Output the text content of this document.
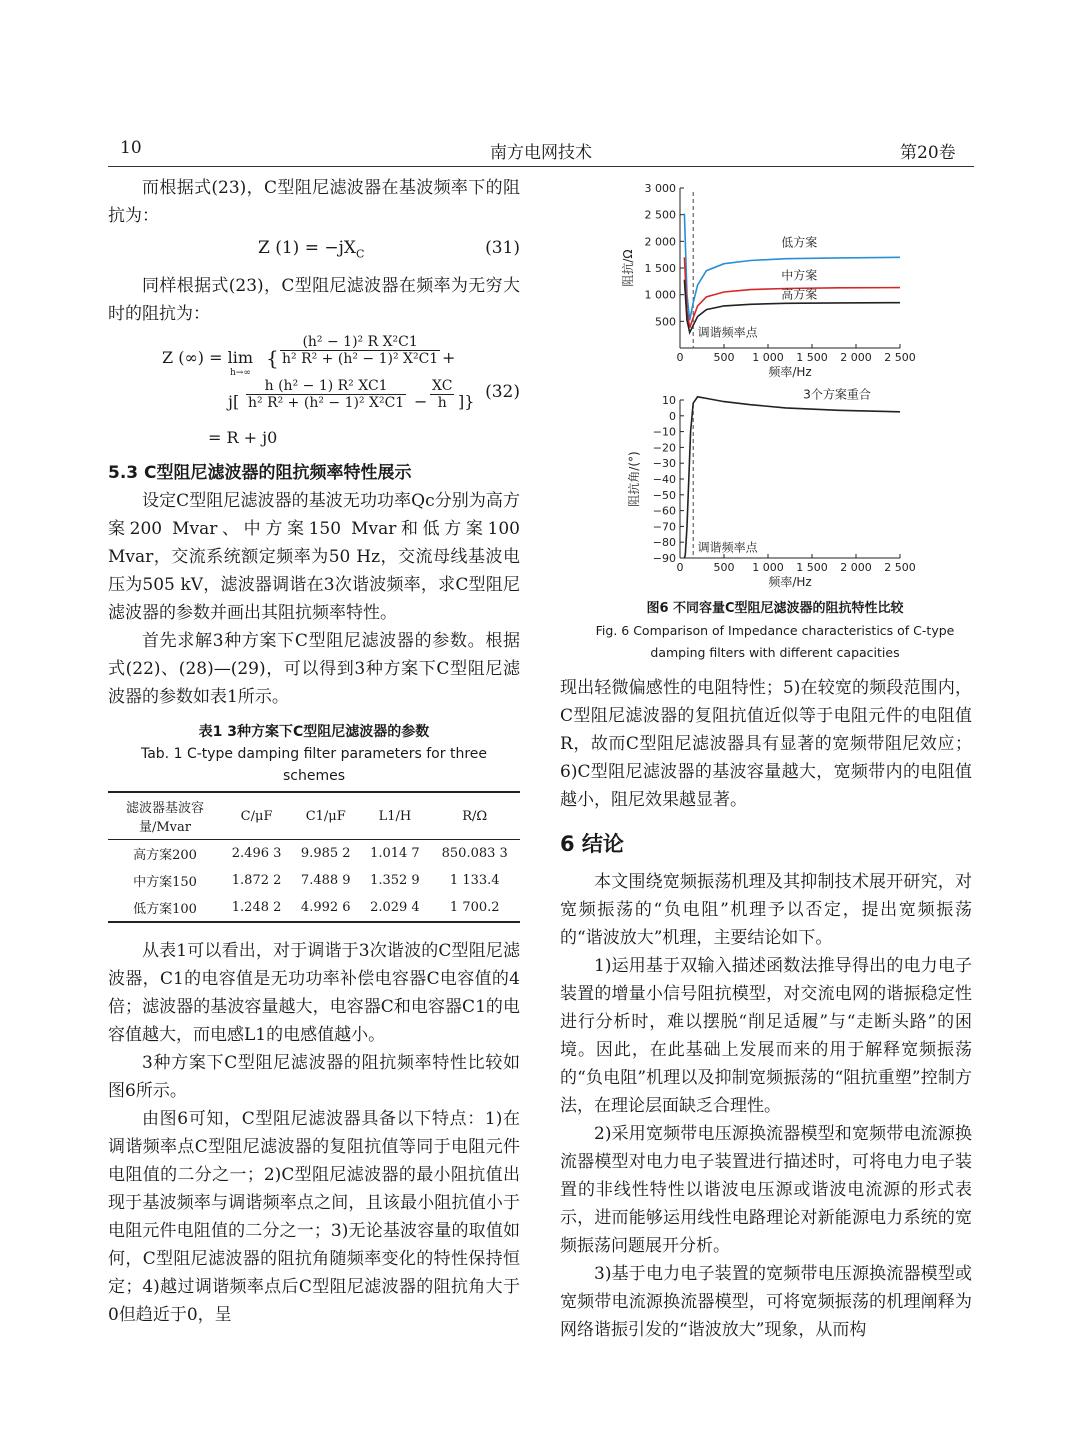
10	南方电网技术	第20卷

而根据式(23)，C型阻尼滤波器在基波频率下的阻抗为：

Z $(1) = -jX_C$	(31)

同样根据式(23)，C型阻尼滤波器在频率为无穷大时的阻抗为：

Z (∞) = lim
h→∞
{ $\frac{\text{(h² − 1)² R X²C1}}{\text{h² R² + (h² − 1)² X²C1}}$ +
$j[ \frac{\text{h (h² − 1) R² XC1}}{\text{h² R² + (h² − 1)² X²C1}} - \frac{XC}{h}$ ]} (32)
= R + j0
5.3 C型阻尼滤波器的阻抗频率特性展示

设定C型阻尼滤波器的基波无功功率Qc分别为高方案200 Mvar、中方案150 Mvar和低方案100 Mvar，交流系统额定频率为50 Hz，交流母线基波电压为505 kV，滤波器调谐在3次谐波频率，求C型阻尼滤波器的参数并画出其阻抗频率特性。

首先求解3种方案下C型阻尼滤波器的参数。根据式(22)、(28)—(29)，可以得到3种方案下C型阻尼滤波器的参数如表1所示。

表1 3种方案下C型阻尼滤波器的参数
Tab. 1 C-type damping filter parameters for three schemes
滤波器基波容量/Mvar	C/μF	C1/μF	L1/H	R/Ω
高方案200	2.496 3	9.985 2	1.014 7	850.083 3
中方案150	1.872 2	7.488 9	1.352 9	1 133.4
低方案100	1.248 2	4.992 6	2.029 4	1 700.2

从表1可以看出，对于调谐于3次谐波的C型阻尼滤波器，C1的电容值是无功功率补偿电容器C电容值的4倍；滤波器的基波容量越大，电容器C和电容器C1的电容值越大，而电感L1的电感值越小。

3种方案下C型阻尼滤波器的阻抗频率特性比较如图6所示。

由图6可知，C型阻尼滤波器具备以下特点：1)在调谐频率点C型阻尼滤波器的复阻抗值等同于电阻元件电阻值的二分之一；2)C型阻尼滤波器的最小阻抗值出现于基波频率与调谐频率点之间，且该最小阻抗值小于电阻元件电阻值的二分之一；3)无论基波容量的取值如何，C型阻尼滤波器的阻抗角随频率变化的特性保持恒定；4)越过调谐频率点后C型阻尼滤波器的阻抗角大于0但趋近于0，呈

0	500 1 000 1 500 2 000 2 500
500
1 000
1 500
2 000
2 500
3 000
频率/Hz
阻抗/Ω
低方案
中方案
高方案
调谐频率点
0	500 1 000 1 500 2 000 2 500
10
0
−10
−20
−30
−40
−50
−60
−70
−80
−90
频率/Hz
阻抗角/(°)
3个方案重合
调谐频率点
图6 不同容量C型阻尼滤波器的阻抗特性比较
Fig. 6 Comparison of Impedance characteristics of C-type
damping filters with different capacities

现出轻微偏感性的电阻特性；5)在较宽的频段范围内，C型阻尼滤波器的复阻抗值近似等于电阻元件的电阻值R，故而C型阻尼滤波器具有显著的宽频带阻尼效应；6)C型阻尼滤波器的基波容量越大，宽频带内的电阻值越小，阻尼效果越显著。

6 结论

本文围绕宽频振荡机理及其抑制技术展开研究，对宽频振荡的“负电阻”机理予以否定，提出宽频振荡的“谐波放大”机理，主要结论如下。

1)运用基于双输入描述函数法推导得出的电力电子装置的增量小信号阻抗模型，对交流电网的谐振稳定性进行分析时，难以摆脱“削足适履”与“走断头路”的困境。因此，在此基础上发展而来的用于解释宽频振荡的“负电阻”机理以及抑制宽频振荡的“阻抗重塑”控制方法，在理论层面缺乏合理性。

2)采用宽频带电压源换流器模型和宽频带电流源换流器模型对电力电子装置进行描述时，可将电力电子装置的非线性特性以谐波电压源或谐波电流源的形式表示，进而能够运用线性电路理论对新能源电力系统的宽频振荡问题展开分析。

3)基于电力电子装置的宽频带电压源换流器模型或宽频带电流源换流器模型，可将宽频振荡的机理阐释为网络谐振引发的“谐波放大”现象，从而构
